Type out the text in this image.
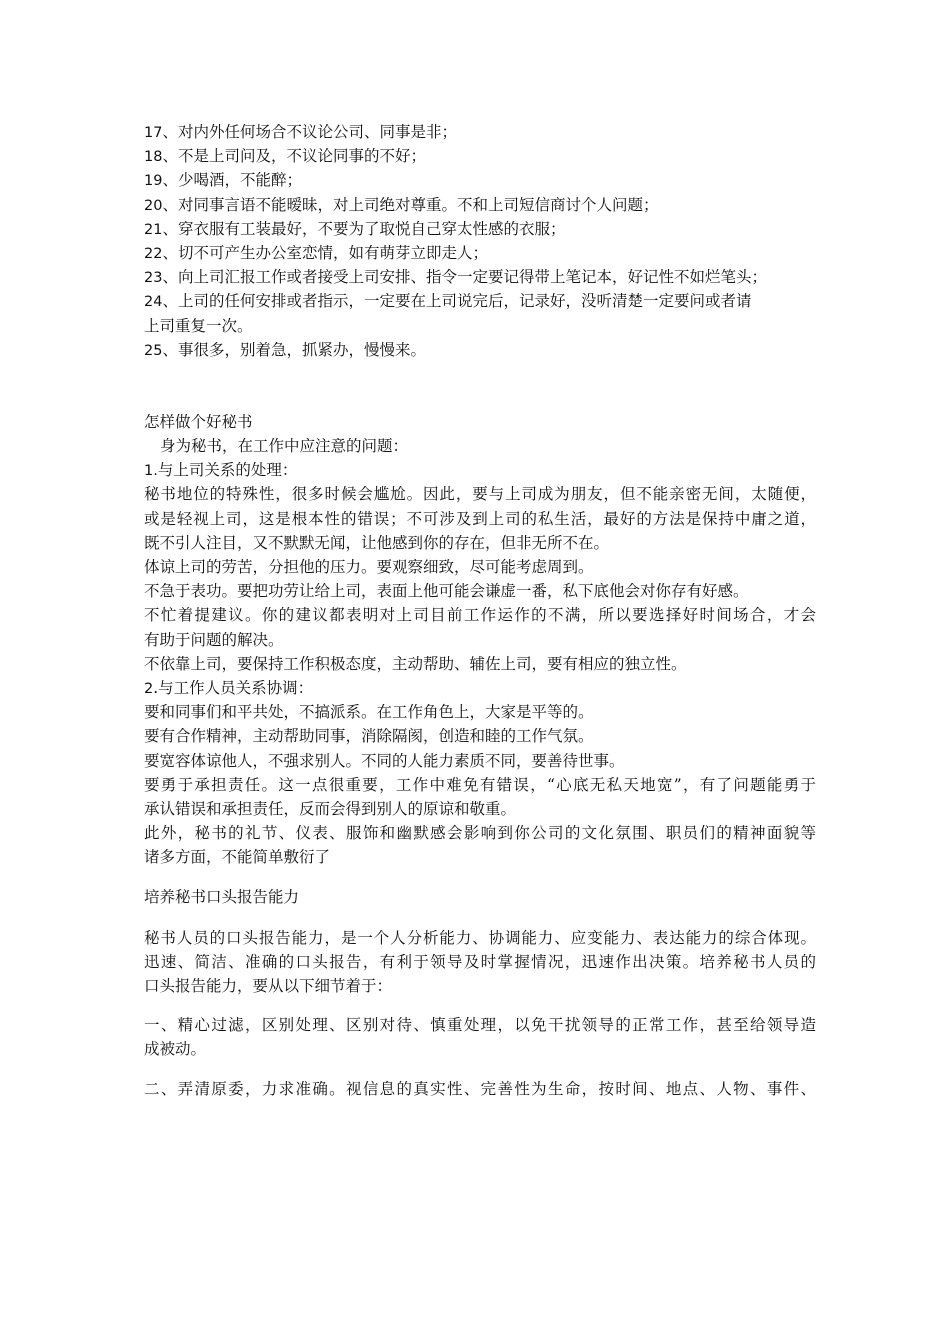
17、对内外任何场合不议论公司、同事是非；
18、不是上司问及，不议论同事的不好；
19、少喝酒，不能醉；
20、对同事言语不能暧昧，对上司绝对尊重。不和上司短信商讨个人问题；
21、穿衣服有工装最好，不要为了取悦自己穿太性感的衣服；
22、切不可产生办公室恋情，如有萌芽立即走人；
23、向上司汇报工作或者接受上司安排、指令一定要记得带上笔记本，好记性不如烂笔头；
24、上司的任何安排或者指示，一定要在上司说完后，记录好，没听清楚一定要问或者请
上司重复一次。
25、事很多，别着急，抓紧办，慢慢来。
怎样做个好秘书
身为秘书，在工作中应注意的问题：
1.与上司关系的处理：
秘书地位的特殊性，很多时候会尴尬。因此，要与上司成为朋友，但不能亲密无间，太随便，
或是轻视上司，这是根本性的错误；不可涉及到上司的私生活，最好的方法是保持中庸之道，
既不引人注目，又不默默无闻，让他感到你的存在，但非无所不在。
体谅上司的劳苦，分担他的压力。要观察细致，尽可能考虑周到。
不急于表功。要把功劳让给上司，表面上他可能会谦虚一番，私下底他会对你存有好感。
不忙着提建议。你的建议都表明对上司目前工作运作的不满，所以要选择好时间场合，才会
有助于问题的解决。
不依靠上司，要保持工作积极态度，主动帮助、辅佐上司，要有相应的独立性。
2.与工作人员关系协调：
要和同事们和平共处，不搞派系。在工作角色上，大家是平等的。
要有合作精神，主动帮助同事，消除隔阂，创造和睦的工作气氛。
要宽容体谅他人，不强求别人。不同的人能力素质不同，要善待世事。
要勇于承担责任。这一点很重要，工作中难免有错误，“心底无私天地宽”，有了问题能勇于
承认错误和承担责任，反而会得到别人的原谅和敬重。
此外，秘书的礼节、仪表、服饰和幽默感会影响到你公司的文化氛围、职员们的精神面貌等
诸多方面，不能简单敷衍了
培养秘书口头报告能力
秘书人员的口头报告能力，是一个人分析能力、协调能力、应变能力、表达能力的综合体现。
迅速、简洁、准确的口头报告，有利于领导及时掌握情况，迅速作出决策。培养秘书人员的
口头报告能力，要从以下细节着于：
一、精心过滤，区别处理、区别对待、慎重处理，以免干扰领导的正常工作，甚至给领导造
成被动。
二、弄清原委，力求准确。视信息的真实性、完善性为生命，按时间、地点、人物、事件、
